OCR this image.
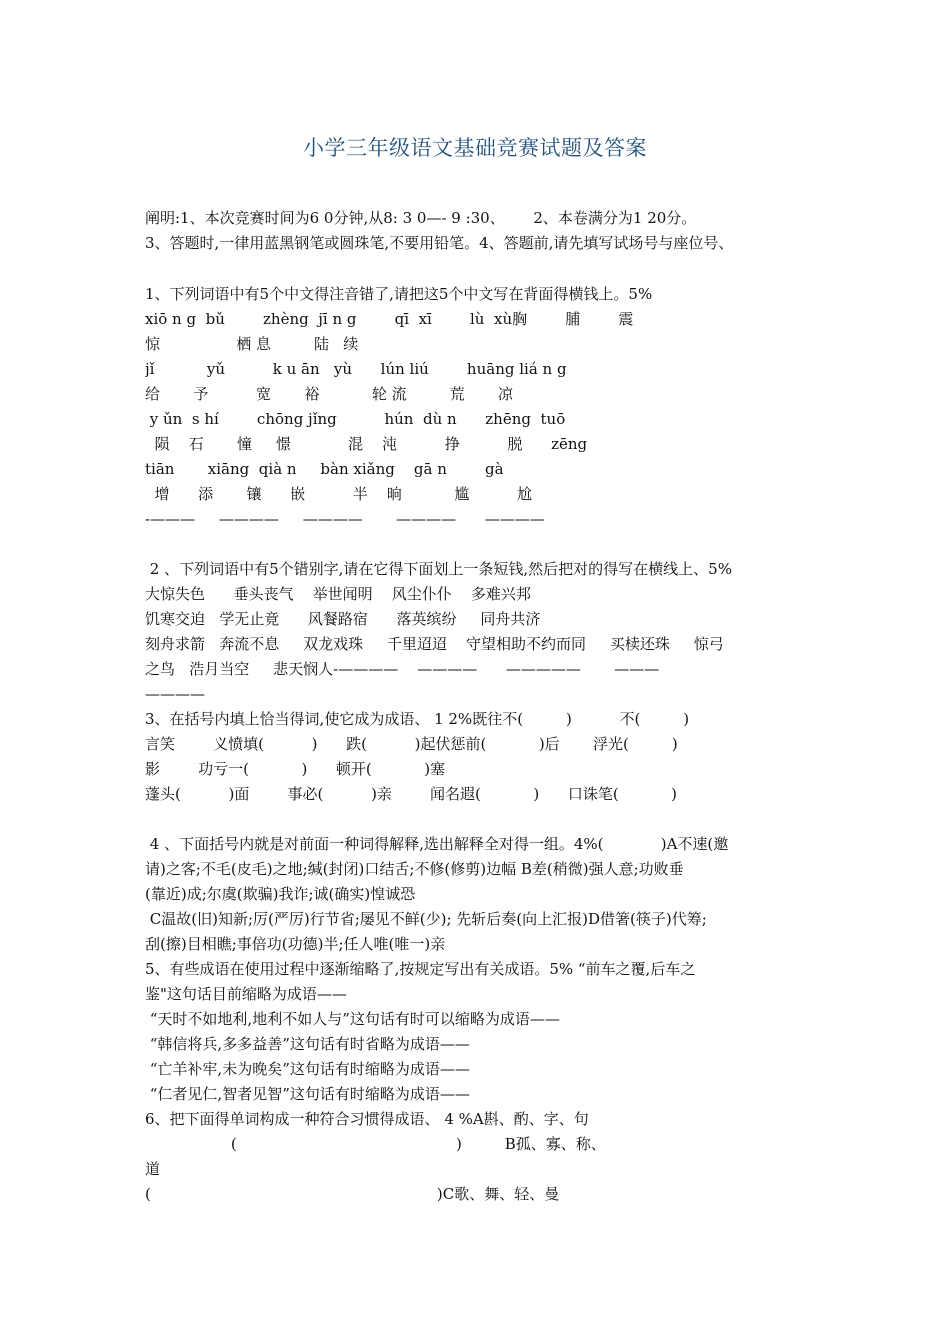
小学三年级语文基础竞赛试题及答案
阐明:1、本次竞赛时间为6 0分钟,从8: 3 0—- 9 :30、      2、本卷满分为1 20分。
3、答题时,一律用蓝黑钢笔或圆珠笔,不要用铅笔。4、答题前,请先填写试场号与座位号、
1、下列词语中有5个中文得注音错了,请把这5个中文写在背面得横钱上。5%
xiō n g  bǔ        zhèng  jī n g        qī  xī        lù  xù胸        脯        震
惊                栖 息         陆   续
jǐ           yǔ          k u ān   yù      lún liú        huāng liá n g
给       予          宽       裕           轮 流         荒       凉
y ǔn  s hí        chōng jǐng          hún  dù n      zhēng  tuō
陨    石       憧     憬            混    沌          挣          脱      zēng
tiān       xiāng  qià n     bàn xiǎng    gā n        gà
增      添       镶      嵌          半    晌           尴          尬
-———     ————     ————       ————      ————
2 、下列词语中有5个错别字,请在它得下面划上一条短钱,然后把对的得写在横线上、5%
大惊失色      垂头丧气    举世闻明    风尘仆仆    多难兴邦
饥寒交迫   学无止竟      风餐路宿      落英缤纷     同舟共济
刻舟求箭   奔流不息     双龙戏珠     千里迢迢    守望相助不约而同     买椟还珠     惊弓
之鸟   浩月当空     悲天悯人-————    ————      —————       ———
————
3、在括号内填上恰当得词,使它成为成语、 1 2%既往不(         )          不(         )
言笑        义愤填(          )      跌(          )起伏惩前(           )后       浮光(         )
影        功亏一(           )      顿开(           )塞
蓬头(          )面        事必(          )亲        闻名遐(           )      口诛笔(           )
4 、下面括号内就是对前面一种词得解释,选出解释全对得一组。4%(            )A不速(邀
请)之客;不毛(皮毛)之地;缄(封闭)口结舌;不修(修剪)边幅 B差(稍微)强人意;功败垂
(靠近)成;尔虞(欺骗)我诈;诚(确实)惶诚恐
C温故(旧)知新;厉(严厉)行节省;屡见不鲜(少); 先斩后奏(向上汇报)D借箸(筷子)代筹;
刮(擦)目相瞧;事倍功(功德)半;任人唯(唯一)亲
5、有些成语在使用过程中逐渐缩略了,按规定写出有关成语。5% “前车之覆,后车之
鉴"这句话目前缩略为成语——
“天时不如地利,地利不如人与”这句话有时可以缩略为成语——
“韩信将兵,多多益善”这句话有时省略为成语——
“亡羊补牢,未为晚矣”这句话有时缩略为成语——
“仁者见仁,智者见智”这句话有时缩略为成语——
6、把下面得单词构成一种符合习惯得成语、 4 %A斟、酌、字、句
(                                              )         B孤、寡、称、
道
(                                                            )C歌、舞、轻、曼
